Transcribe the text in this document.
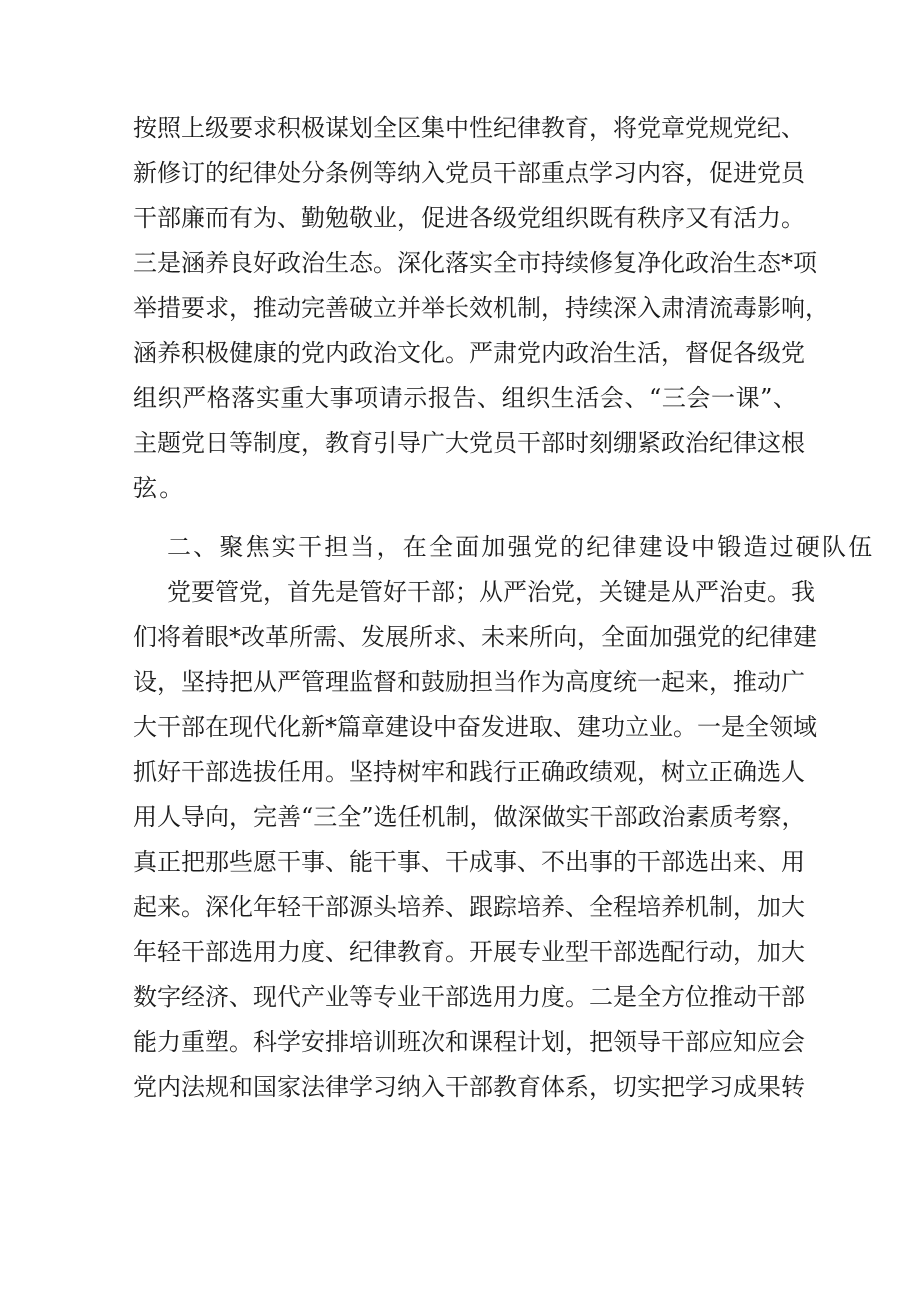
按照上级要求积极谋划全区集中性纪律教育，将党章党规党纪、
新修订的纪律处分条例等纳入党员干部重点学习内容，促进党员
干部廉而有为、勤勉敬业，促进各级党组织既有秩序又有活力。
三是涵养良好政治生态。深化落实全市持续修复净化政治生态*项
举措要求，推动完善破立并举长效机制，持续深入肃清流毒影响，
涵养积极健康的党内政治文化。严肃党内政治生活，督促各级党
组织严格落实重大事项请示报告、组织生活会、“三会一课”、
主题党日等制度，教育引导广大党员干部时刻绷紧政治纪律这根
弦。
二、聚焦实干担当，在全面加强党的纪律建设中锻造过硬队伍
党要管党，首先是管好干部；从严治党，关键是从严治吏。我
们将着眼*改革所需、发展所求、未来所向，全面加强党的纪律建
设，坚持把从严管理监督和鼓励担当作为高度统一起来，推动广
大干部在现代化新*篇章建设中奋发进取、建功立业。一是全领域
抓好干部选拔任用。坚持树牢和践行正确政绩观，树立正确选人
用人导向，完善“三全”选任机制，做深做实干部政治素质考察，
真正把那些愿干事、能干事、干成事、不出事的干部选出来、用
起来。深化年轻干部源头培养、跟踪培养、全程培养机制，加大
年轻干部选用力度、纪律教育。开展专业型干部选配行动，加大
数字经济、现代产业等专业干部选用力度。二是全方位推动干部
能力重塑。科学安排培训班次和课程计划，把领导干部应知应会
党内法规和国家法律学习纳入干部教育体系，切实把学习成果转
